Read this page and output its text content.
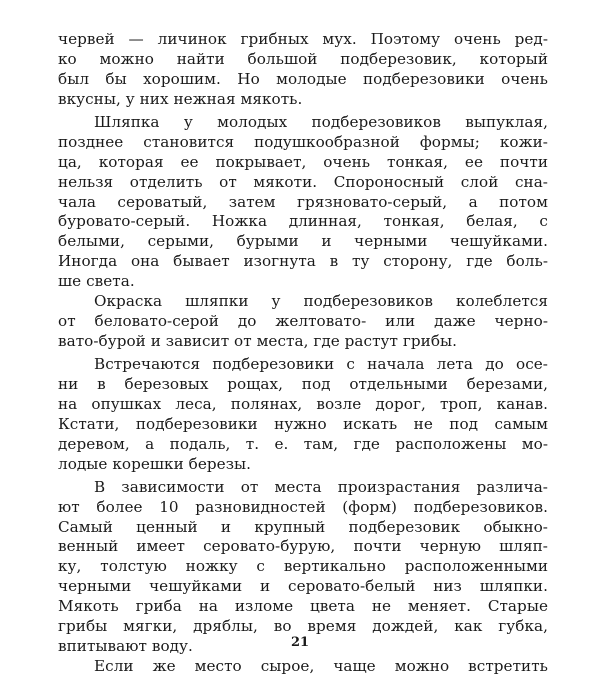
червей — личинок грибных мух. Поэтому очень ред-
ко можно найти большой подберезовик, который
был бы хорошим. Но молодые подберезовики очень
вкусны, у них нежная мякоть.
Шляпка у молодых подберезовиков выпуклая,
позднее становится подушкообразной формы; кожи-
ца, которая ее покрывает, очень тонкая, ее почти
нельзя отделить от мякоти. Спороносный слой сна-
чала сероватый, затем грязновато-серый, а потом
буровато-серый. Ножка длинная, тонкая, белая, с
белыми, серыми, бурыми и черными чешуйками.
Иногда она бывает изогнута в ту сторону, где боль-
ше света.
Окраска шляпки у подберезовиков колеблется
от беловато-серой до желтовато- или даже черно-
вато-бурой и зависит от места, где растут грибы.
Встречаются подберезовики с начала лета до осе-
ни в березовых рощах, под отдельными березами,
на опушках леса, полянах, возле дорог, троп, канав.
Кстати, подберезовики нужно искать не под самым
деревом, а подаль, т. е. там, где расположены мо-
лодые корешки березы.
В зависимости от места произрастания различа-
ют более 10 разновидностей (форм) подберезовиков.
Самый ценный и крупный подберезовик обыкно-
венный имеет серовато-бурую, почти черную шляп-
ку, толстую ножку с вертикально расположенными
черными чешуйками и серовато-белый низ шляпки.
Мякоть гриба на изломе цвета не меняет. Старые
грибы мягки, дряблы, во время дождей, как губка,
впитывают воду.
Если же место сырое, чаще можно встретить
21
